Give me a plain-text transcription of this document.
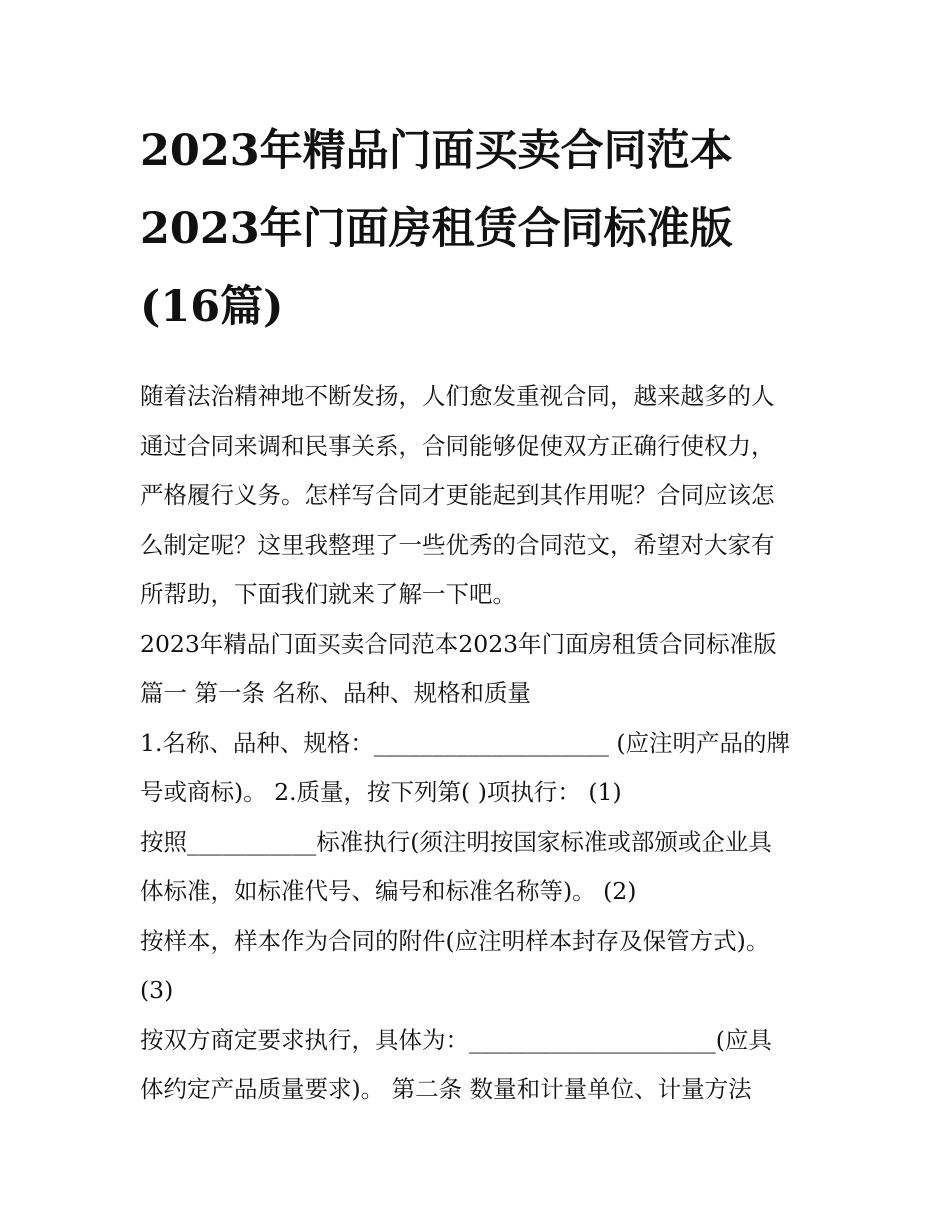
2023年精品门面买卖合同范本
2023年门面房租赁合同标准版
(16篇)

随着法治精神地不断发扬，人们愈发重视合同，越来越多的人
通过合同来调和民事关系，合同能够促使双方正确行使权力，
严格履行义务。怎样写合同才更能起到其作用呢？合同应该怎
么制定呢？这里我整理了一些优秀的合同范文，希望对大家有
所帮助，下面我们就来了解一下吧。

2023年精品门面买卖合同范本2023年门面房租赁合同标准版
篇一 第一条 名称、品种、规格和质量
1.名称、品种、规格：____________________ (应注明产品的牌
号或商标)。 2.质量，按下列第( )项执行： (1)
按照___________标准执行(须注明按国家标准或部颁或企业具
体标准，如标准代号、编号和标准名称等)。 (2)
按样本，样本作为合同的附件(应注明样本封存及保管方式)。
(3)
按双方商定要求执行，具体为：_____________________(应具
体约定产品质量要求)。 第二条 数量和计量单位、计量方法
